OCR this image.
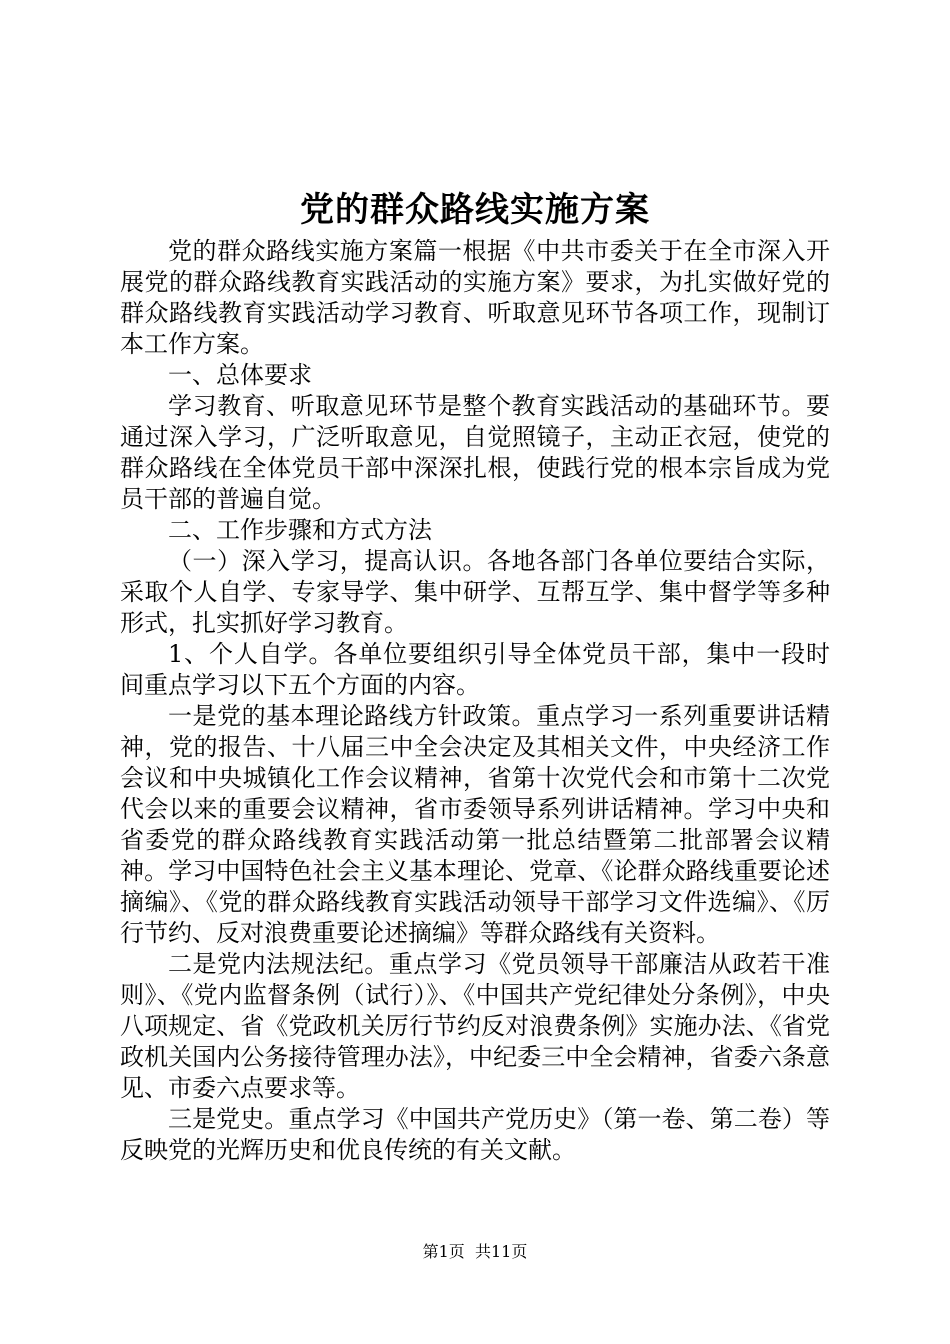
党的群众路线实施方案

党的群众路线实施方案篇一根据《中共市委关于在全市深入开展党的群众路线教育实践活动的实施方案》要求，为扎实做好党的群众路线教育实践活动学习教育、听取意见环节各项工作，现制订本工作方案。

一、总体要求

学习教育、听取意见环节是整个教育实践活动的基础环节。要通过深入学习，广泛听取意见，自觉照镜子，主动正衣冠，使党的群众路线在全体党员干部中深深扎根，使践行党的根本宗旨成为党员干部的普遍自觉。

二、工作步骤和方式方法

（一）深入学习，提高认识。各地各部门各单位要结合实际，采取个人自学、专家导学、集中研学、互帮互学、集中督学等多种形式，扎实抓好学习教育。

1、个人自学。各单位要组织引导全体党员干部，集中一段时间重点学习以下五个方面的内容。

一是党的基本理论路线方针政策。重点学习一系列重要讲话精神，党的报告、十八届三中全会决定及其相关文件，中央经济工作会议和中央城镇化工作会议精神，省第十次党代会和市第十二次党代会以来的重要会议精神，省市委领导系列讲话精神。学习中央和省委党的群众路线教育实践活动第一批总结暨第二批部署会议精神。学习中国特色社会主义基本理论、党章、《论群众路线重要论述摘编》、《党的群众路线教育实践活动领导干部学习文件选编》、《厉行节约、反对浪费重要论述摘编》等群众路线有关资料。

二是党内法规法纪。重点学习《党员领导干部廉洁从政若干准则》、《党内监督条例（试行）》、《中国共产党纪律处分条例》，中央八项规定、省《党政机关厉行节约反对浪费条例》实施办法、《省党政机关国内公务接待管理办法》，中纪委三中全会精神，省委六条意见、市委六点要求等。

三是党史。重点学习《中国共产党历史》（第一卷、第二卷）等反映党的光辉历史和优良传统的有关文献。

第1页 共11页
